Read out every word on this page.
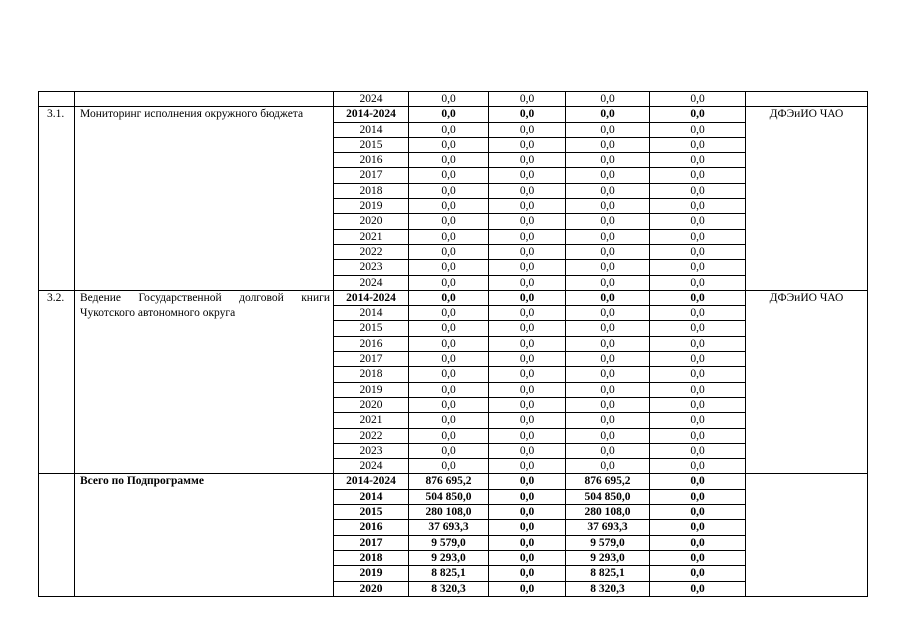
		2024	0,0	0,0	0,0	0,0	
3.1.	Мониторинг исполнения окружного бюджета	2014-2024	0,0	0,0	0,0	0,0	ДФЭиИО ЧАО
		2014	0,0	0,0	0,0	0,0	
		2015	0,0	0,0	0,0	0,0	
		2016	0,0	0,0	0,0	0,0	
		2017	0,0	0,0	0,0	0,0	
		2018	0,0	0,0	0,0	0,0	
		2019	0,0	0,0	0,0	0,0	
		2020	0,0	0,0	0,0	0,0	
		2021	0,0	0,0	0,0	0,0	
		2022	0,0	0,0	0,0	0,0	
		2023	0,0	0,0	0,0	0,0	
		2024	0,0	0,0	0,0	0,0	
3.2.	Ведение Государственной долговой книги Чукотского автономного округа	2014-2024	0,0	0,0	0,0	0,0	ДФЭиИО ЧАО
		2014	0,0	0,0	0,0	0,0	
		2015	0,0	0,0	0,0	0,0	
		2016	0,0	0,0	0,0	0,0	
		2017	0,0	0,0	0,0	0,0	
		2018	0,0	0,0	0,0	0,0	
		2019	0,0	0,0	0,0	0,0	
		2020	0,0	0,0	0,0	0,0	
		2021	0,0	0,0	0,0	0,0	
		2022	0,0	0,0	0,0	0,0	
		2023	0,0	0,0	0,0	0,0	
		2024	0,0	0,0	0,0	0,0	
	Всего по Подпрограмме	2014-2024	876 695,2	0,0	876 695,2	0,0	
		2014	504 850,0	0,0	504 850,0	0,0	
		2015	280 108,0	0,0	280 108,0	0,0	
		2016	37 693,3	0,0	37 693,3	0,0	
		2017	9 579,0	0,0	9 579,0	0,0	
		2018	9 293,0	0,0	9 293,0	0,0	
		2019	8 825,1	0,0	8 825,1	0,0	
		2020	8 320,3	0,0	8 320,3	0,0	
